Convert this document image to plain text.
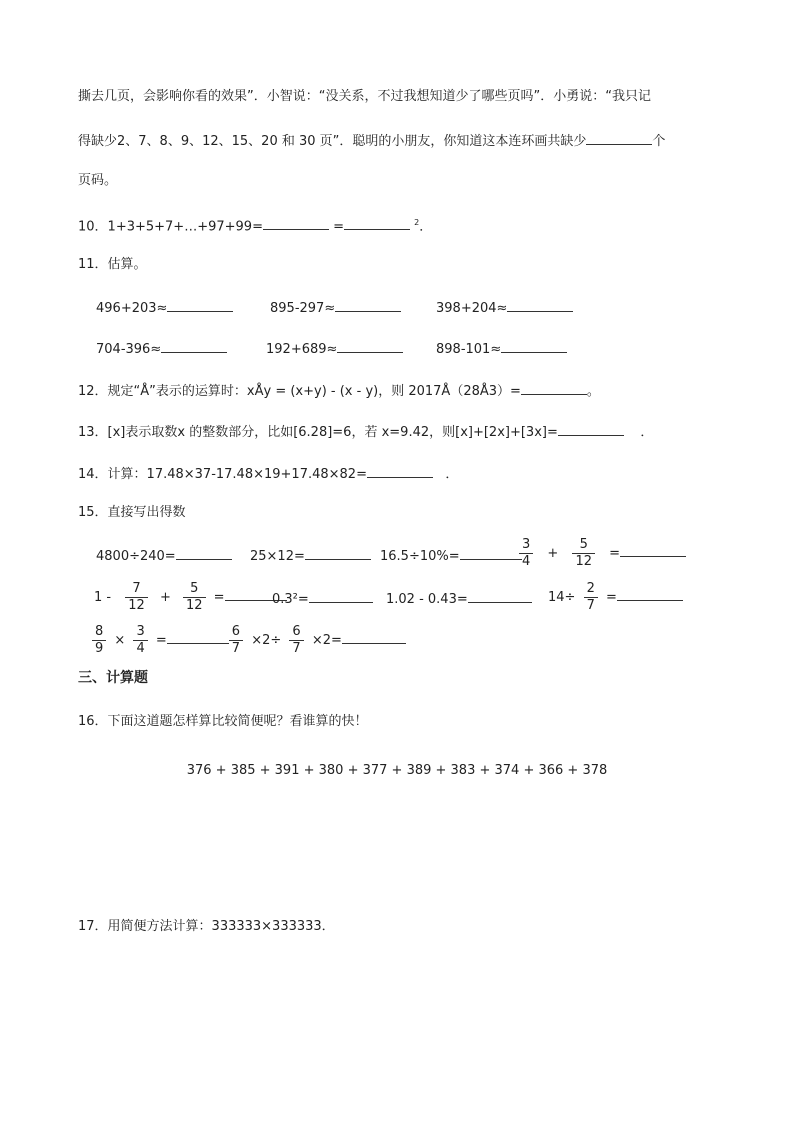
撕去几页，会影响你看的效果”．小智说：“没关系，不过我想知道少了哪些页吗”．小勇说：“我只记
得缺少2、7、8、9、12、15、20 和 30 页”．聪明的小朋友，你知道这本连环画共缺少	个
页码。
10．1+3+5+7+…+97+99=	=	$^2$．
11．估算。
496+203≈	895-297≈	398+204≈
704-396≈	192+689≈	898-101≈
12．规定“Å”表示的运算时：xÅy = (x+y) - (x - y)，则 2017Å（28Å3）=	。
13．[x]表示取数x 的整数部分，比如[6.28]=6，若 x=9.42，则[x]+[2x]+[3x]=	．
14．计算：17.48×37-17.48×19+17.48×82=	．
15．直接写出得数
4800÷240=	25×12=	16.5÷10%=	$\frac{3}{4} + \frac{5}{12}$ =
$1 - \frac{7}{12} + \frac{5}{12}$ =	0.3²=	1.02 - 0.43=	$14\div \frac{2}{7}$ =
$\frac{8}{9} \times \frac{3}{4}$ =	$\frac{6}{7} \times 2\div \frac{6}{7} \times 2=$
三、计算题
16．下面这道题怎样算比较简便呢？看谁算的快！
376 + 385 + 391 + 380 + 377 + 389 + 383 + 374 + 366 + 378
17．用简便方法计算：333333×333333．
